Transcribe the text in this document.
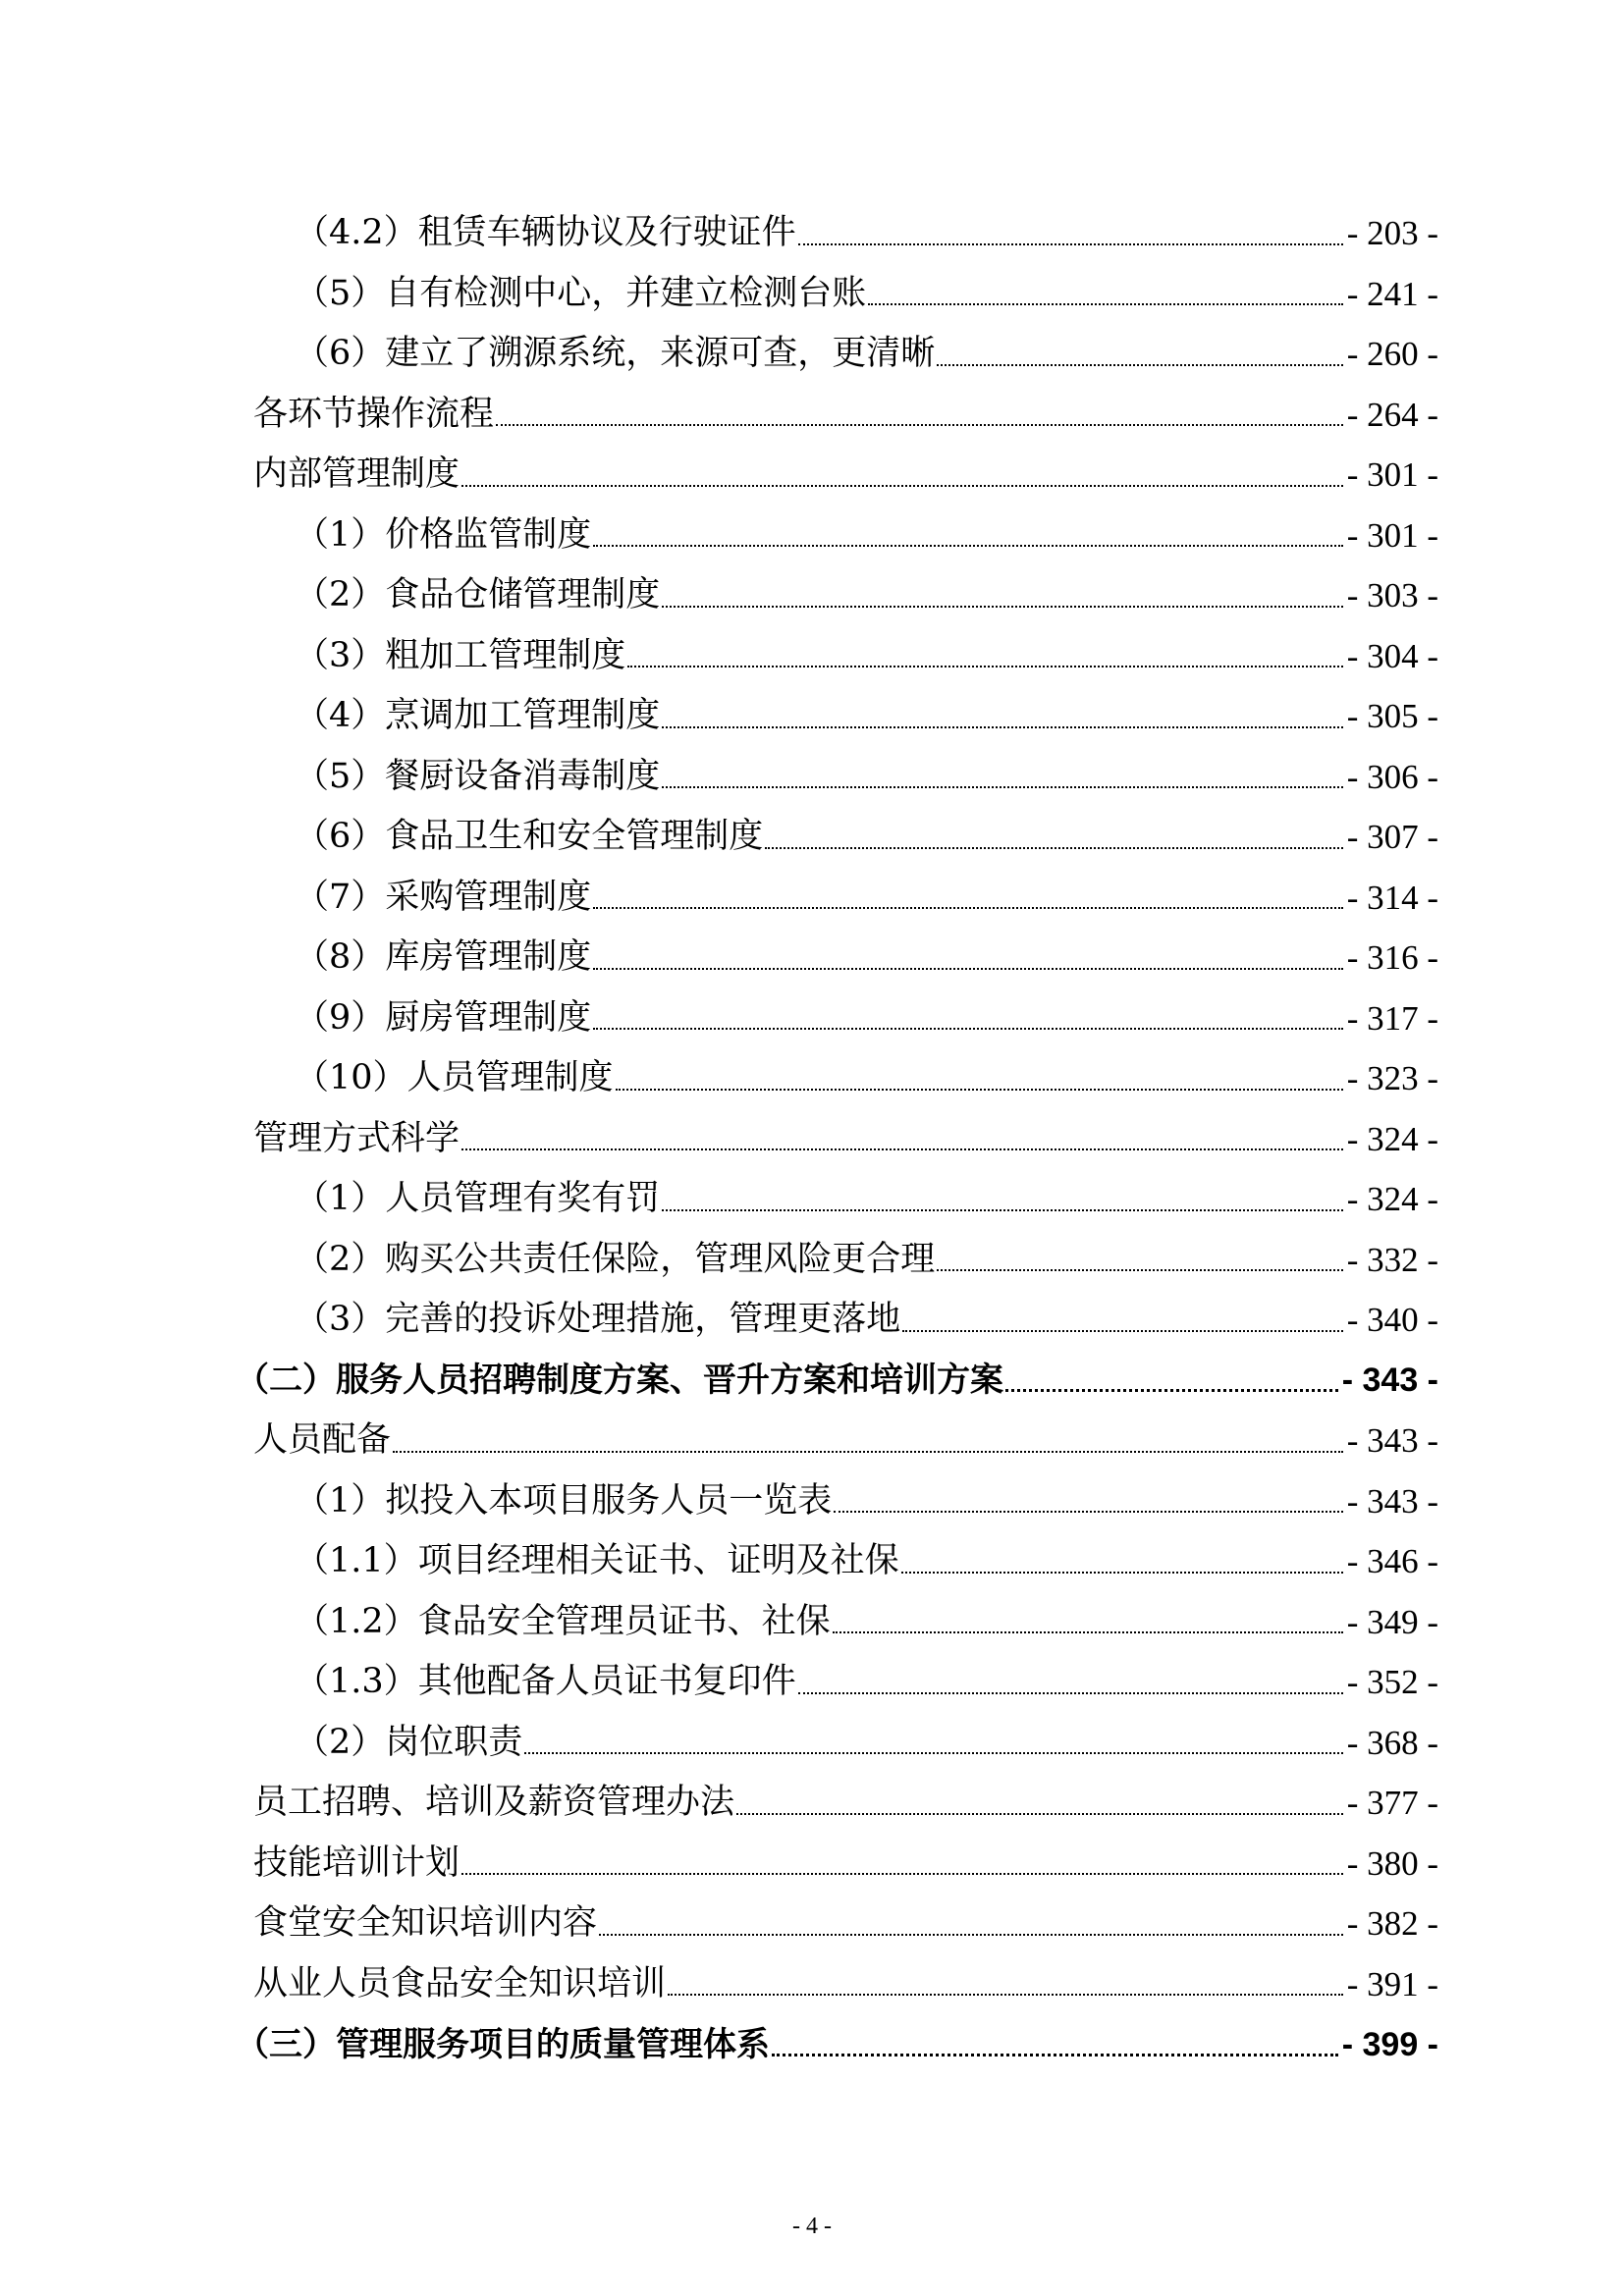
（4.2）租赁车辆协议及行驶证件	- 203 -
（5）自有检测中心，并建立检测台账	- 241 -
（6）建立了溯源系统，来源可查，更清晰	- 260 -
各环节操作流程	- 264 -
内部管理制度	- 301 -
（1）价格监管制度	- 301 -
（2）食品仓储管理制度	- 303 -
（3）粗加工管理制度	- 304 -
（4）烹调加工管理制度	- 305 -
（5）餐厨设备消毒制度	- 306 -
（6）食品卫生和安全管理制度	- 307 -
（7）采购管理制度	- 314 -
（8）库房管理制度	- 316 -
（9）厨房管理制度	- 317 -
（10）人员管理制度	- 323 -
管理方式科学	- 324 -
（1）人员管理有奖有罚	- 324 -
（2）购买公共责任保险，管理风险更合理	- 332 -
（3）完善的投诉处理措施，管理更落地	- 340 -
（二）服务人员招聘制度方案、晋升方案和培训方案	- 343 -
人员配备	- 343 -
（1）拟投入本项目服务人员一览表	- 343 -
（1.1）项目经理相关证书、证明及社保	- 346 -
（1.2）食品安全管理员证书、社保	- 349 -
（1.3）其他配备人员证书复印件	- 352 -
（2）岗位职责	- 368 -
员工招聘、培训及薪资管理办法	- 377 -
技能培训计划	- 380 -
食堂安全知识培训内容	- 382 -
从业人员食品安全知识培训	- 391 -
（三）管理服务项目的质量管理体系	- 399 -
- 4 -
